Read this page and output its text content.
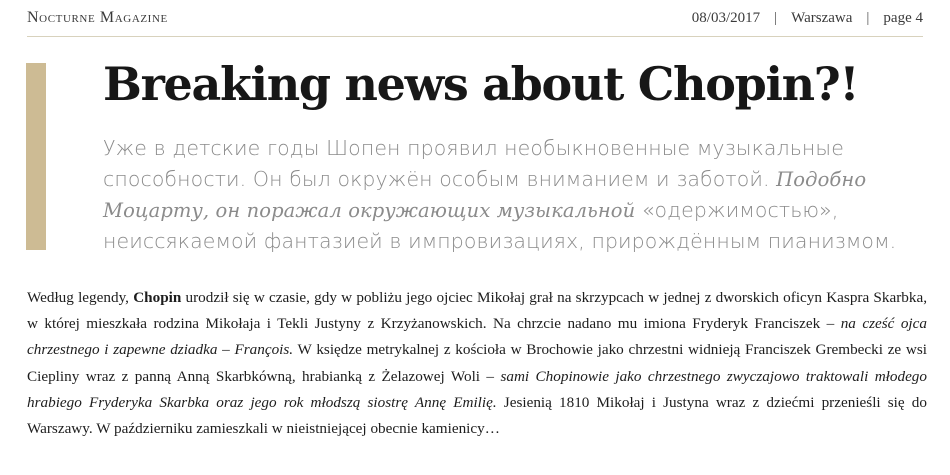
Nocturne Magazine	08/03/2017 | Warszawa | page 4
Breaking news about Chopin?!

Уже в детские годы Шопен проявил необыкновенные музыкальные способности. Он был окружён особым вниманием и заботой. Подобно Моцарту, он поражал окружающих музыкальной «одержимостью», неиссякаемой фантазией в импровизациях, прирождённым пианизмом.

Według legendy, Chopin urodził się w czasie, gdy w pobliżu jego ojciec Mikołaj grał na skrzypcach w jednej z dworskich oficyn Kaspra Skarbka, w której mieszkała rodzina Mikołaja i Tekli Justyny z Krzyżanowskich. Na chrzcie nadano mu imiona Fryderyk Franciszek – na cześć ojca chrzestnego i zapewne dziadka – François. W księdze metrykalnej z kościoła w Brochowie jako chrzestni widnieją Franciszek Grembecki ze wsi Ciepliny wraz z panną Anną Skarbkówną, hrabianką z Żelazowej Woli – sami Chopinowie jako chrzestnego zwyczajowo traktowali młodego hrabiego Fryderyka Skarbka oraz jego rok młodszą siostrę Annę Emilię. Jesienią 1810 Mikołaj i Justyna wraz z dziećmi przenieśli się do Warszawy. W październiku zamieszkali w nieistniejącej obecnie kamienicy…
